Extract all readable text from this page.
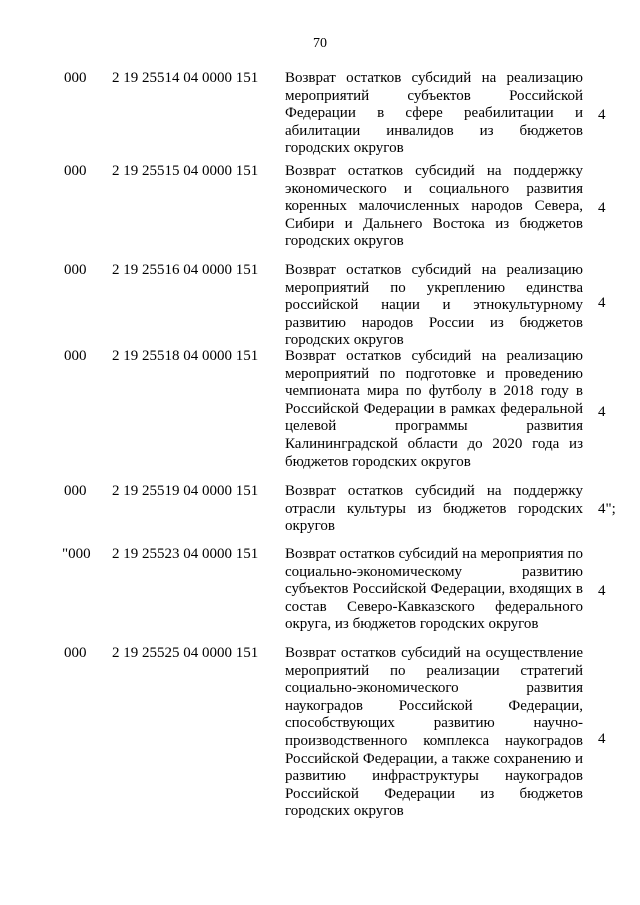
70
000 2 19 25514 04 0000 151 Возврат остатков субсидий на реализацию мероприятий субъектов Российской Федерации в сфере реабилитации и абилитации инвалидов из бюджетов городских округов
4
000 2 19 25515 04 0000 151 Возврат остатков субсидий на поддержку экономического и социального развития коренных малочисленных народов Севера, Сибири и Дальнего Востока из бюджетов городских округов
4
000 2 19 25516 04 0000 151 Возврат остатков субсидий на реализацию мероприятий по укреплению единства российской нации и этнокультурному развитию народов России из бюджетов городских округов
4
000 2 19 25518 04 0000 151 Возврат остатков субсидий на реализацию мероприятий по подготовке и проведению чемпионата мира по футболу в 2018 году в Российской Федерации в рамках федеральной целевой программы развития Калининградской области до 2020 года из бюджетов городских округов
4
000 2 19 25519 04 0000 151 Возврат остатков субсидий на поддержку отрасли культуры из бюджетов городских округов
4";
"000 2 19 25523 04 0000 151 Возврат остатков субсидий на мероприятия по социально-экономическому развитию субъектов Российской Федерации, входящих в состав Северо-Кавказского федерального округа, из бюджетов городских округов
4
000 2 19 25525 04 0000 151 Возврат остатков субсидий на осуществление мероприятий по реализации стратегий социально-экономического развития наукоградов Российской Федерации, способствующих развитию научно-производственного комплекса наукоградов Российской Федерации, а также сохранению и развитию инфраструктуры наукоградов Российской Федерации из бюджетов городских округов
4
